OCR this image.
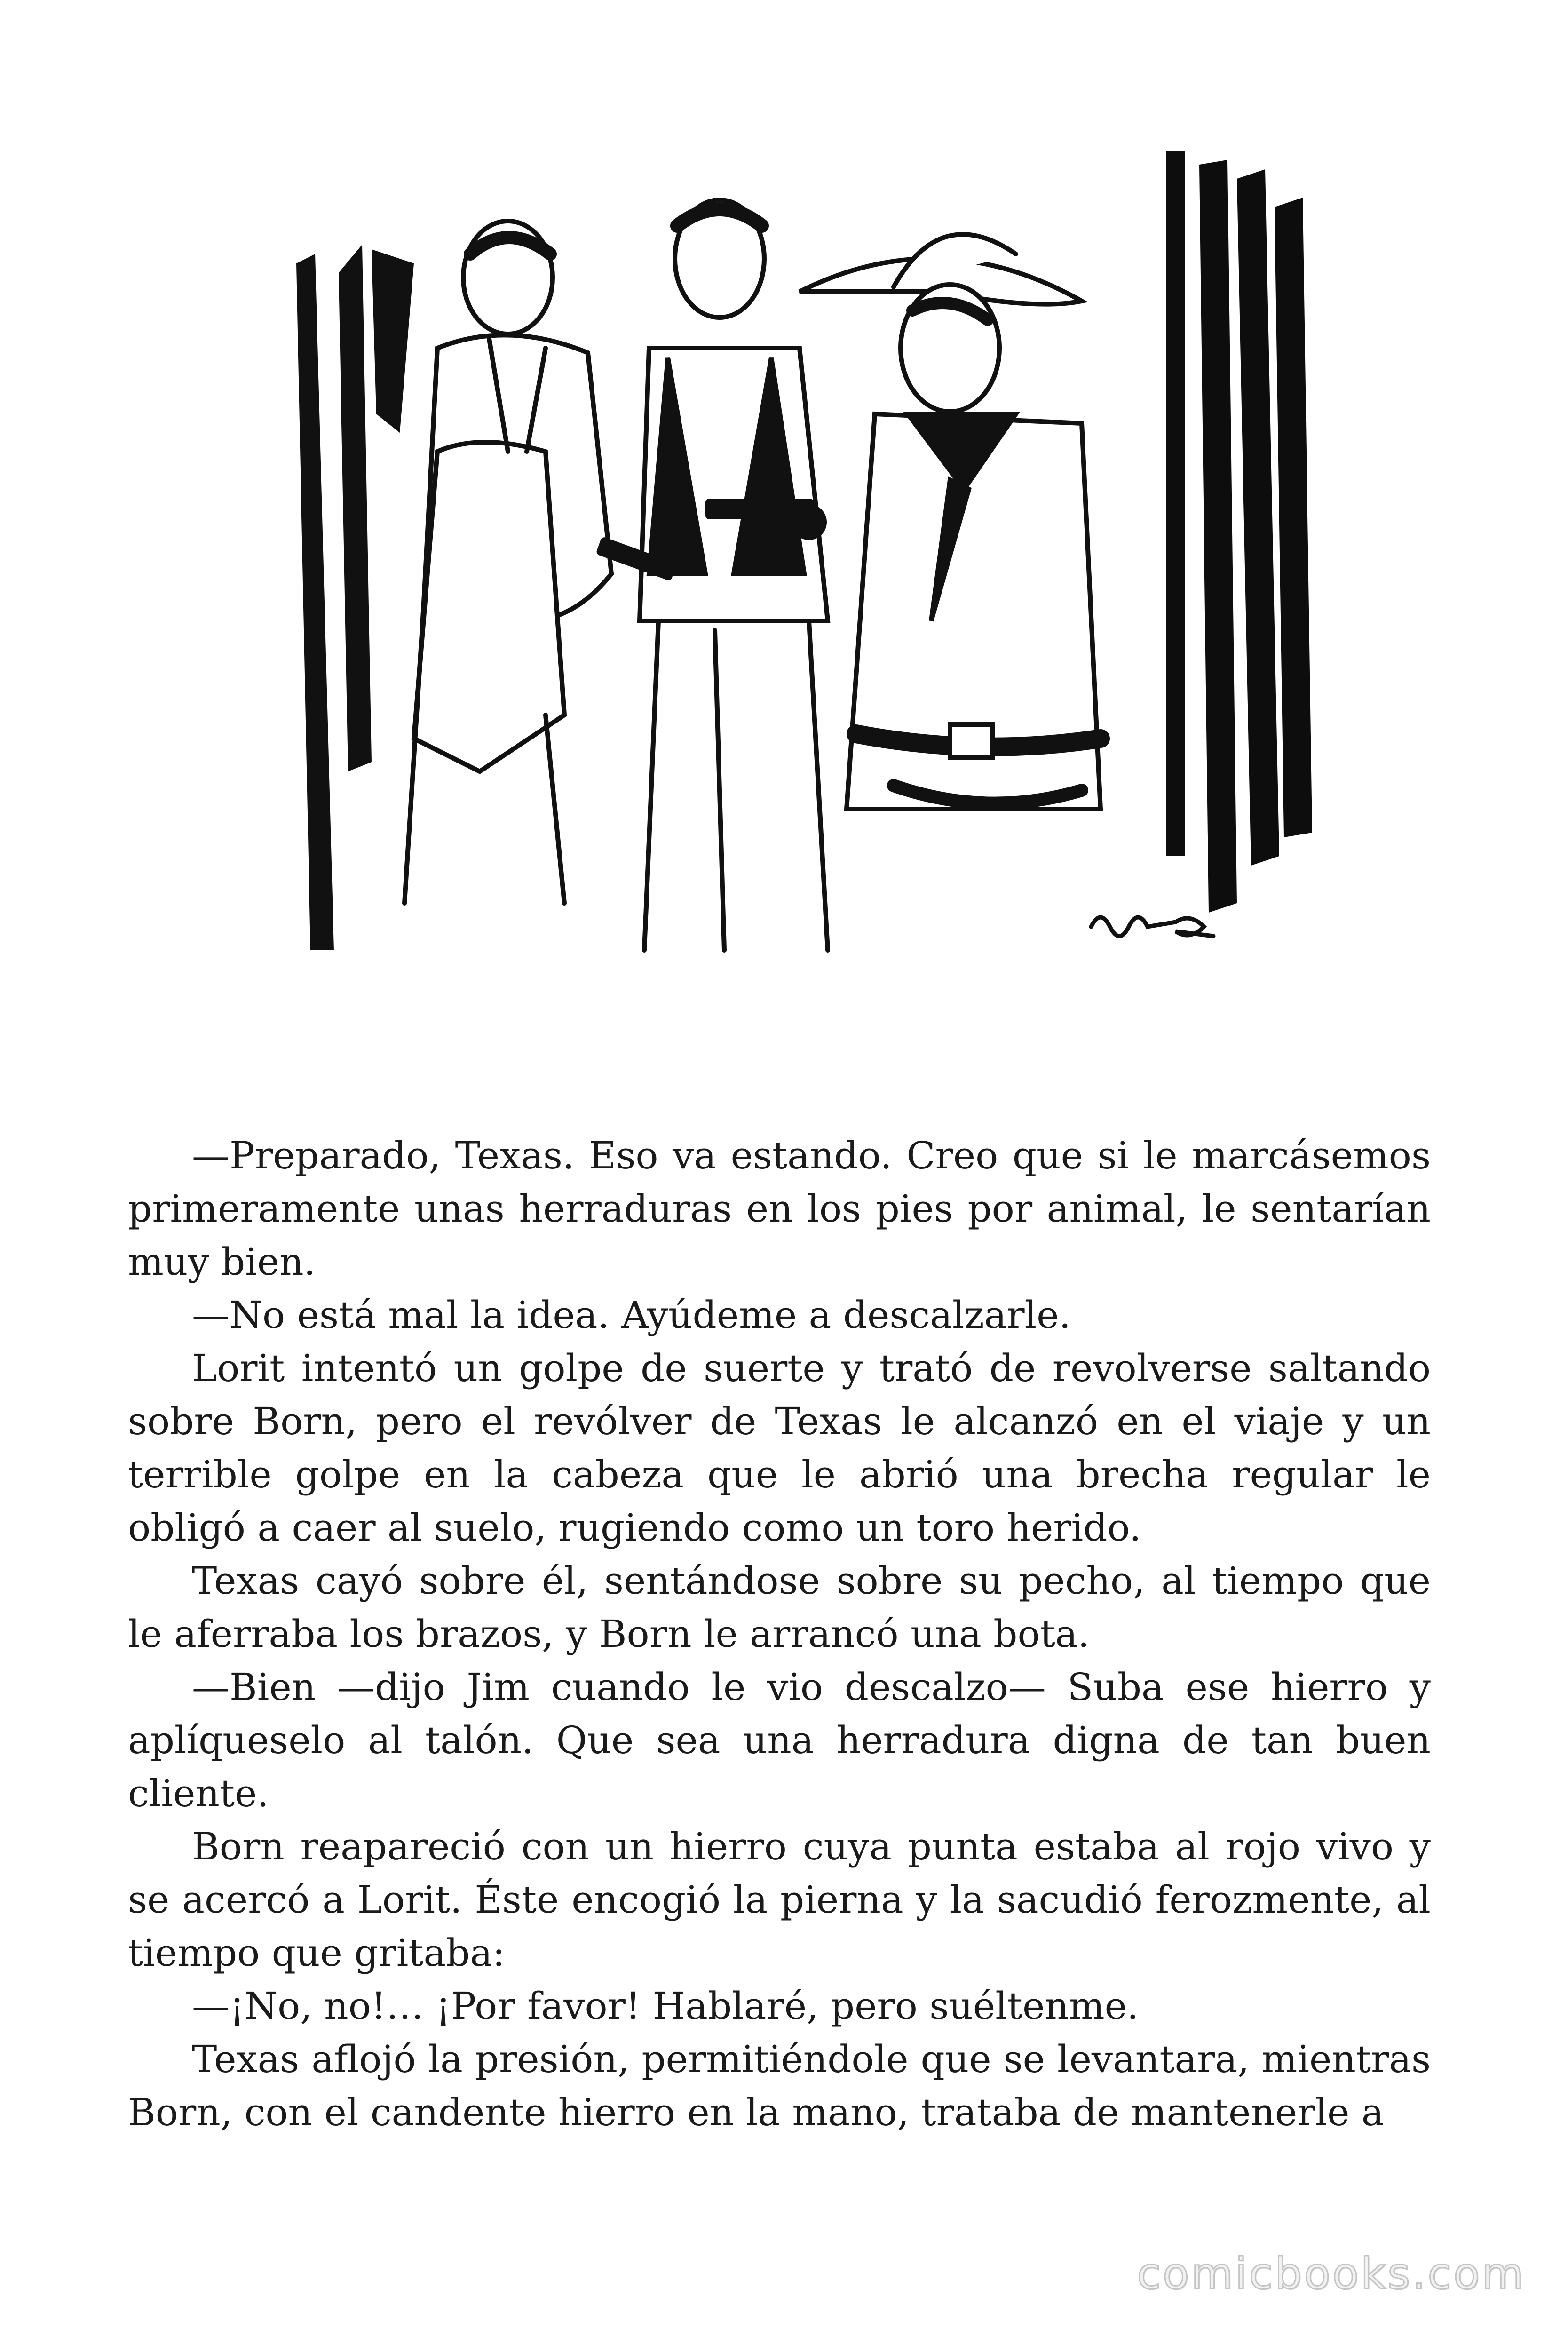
—Preparado, Texas. Eso va estando. Creo que si le marcásemos primeramente unas herraduras en los pies por animal, le sentarían muy bien.

—No está mal la idea. Ayúdeme a descalzarle.

Lorit intentó un golpe de suerte y trató de revolverse saltando sobre Born, pero el revólver de Texas le alcanzó en el viaje y un terrible golpe en la cabeza que le abrió una brecha regular le obligó a caer al suelo, rugiendo como un toro herido.

Texas cayó sobre él, sentándose sobre su pecho, al tiempo que le aferraba los brazos, y Born le arrancó una bota.

—Bien —dijo Jim cuando le vio descalzo— Suba ese hierro y aplíqueselo al talón. Que sea una herradura digna de tan buen cliente.

Born reapareció con un hierro cuya punta estaba al rojo vivo y se acercó a Lorit. Éste encogió la pierna y la sacudió ferozmente, al tiempo que gritaba:

—¡No, no!… ¡Por favor! Hablaré, pero suéltenme.

Texas aflojó la presión, permitiéndole que se levantara, mientras Born, con el candente hierro en la mano, trataba de mantenerle a

comicbooks.com
